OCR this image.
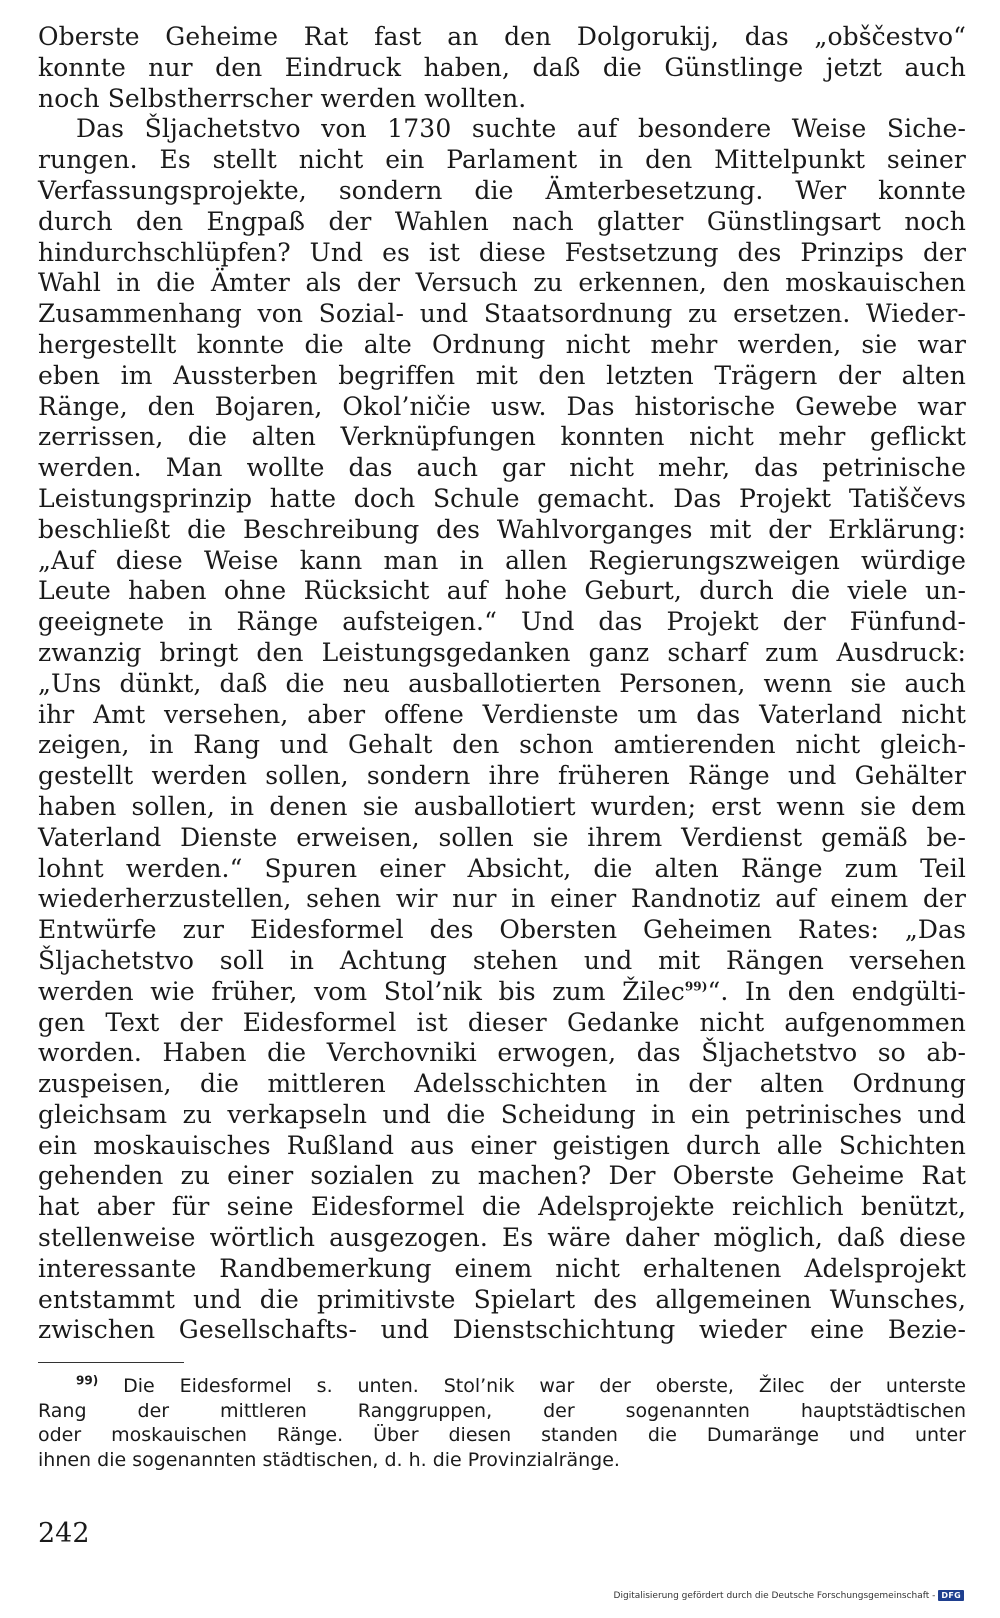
Oberste Geheime Rat fast an den Dolgorukij, das „obščestvo“
konnte nur den Eindruck haben, daß die Günstlinge jetzt auch
noch Selbstherrscher werden wollten.
Das Šljachetstvo von 1730 suchte auf besondere Weise Siche-
rungen. Es stellt nicht ein Parlament in den Mittelpunkt seiner
Verfassungsprojekte, sondern die Ämterbesetzung. Wer konnte
durch den Engpaß der Wahlen nach glatter Günstlingsart noch
hindurchschlüpfen? Und es ist diese Festsetzung des Prinzips der
Wahl in die Ämter als der Versuch zu erkennen, den moskauischen
Zusammenhang von Sozial- und Staatsordnung zu ersetzen. Wieder-
hergestellt konnte die alte Ordnung nicht mehr werden, sie war
eben im Aussterben begriffen mit den letzten Trägern der alten
Ränge, den Bojaren, Okol’ničie usw. Das historische Gewebe war
zerrissen, die alten Verknüpfungen konnten nicht mehr geflickt
werden. Man wollte das auch gar nicht mehr, das petrinische
Leistungsprinzip hatte doch Schule gemacht. Das Projekt Tatiščevs
beschließt die Beschreibung des Wahlvorganges mit der Erklärung:
„Auf diese Weise kann man in allen Regierungszweigen würdige
Leute haben ohne Rücksicht auf hohe Geburt, durch die viele un-
geeignete in Ränge aufsteigen.“ Und das Projekt der Fünfund-
zwanzig bringt den Leistungsgedanken ganz scharf zum Ausdruck:
„Uns dünkt, daß die neu ausballotierten Personen, wenn sie auch
ihr Amt versehen, aber offene Verdienste um das Vaterland nicht
zeigen, in Rang und Gehalt den schon amtierenden nicht gleich-
gestellt werden sollen, sondern ihre früheren Ränge und Gehälter
haben sollen, in denen sie ausballotiert wurden; erst wenn sie dem
Vaterland Dienste erweisen, sollen sie ihrem Verdienst gemäß be-
lohnt werden.“ Spuren einer Absicht, die alten Ränge zum Teil
wiederherzustellen, sehen wir nur in einer Randnotiz auf einem der
Entwürfe zur Eidesformel des Obersten Geheimen Rates: „Das
Šljachetstvo soll in Achtung stehen und mit Rängen versehen
werden wie früher, vom Stol’nik bis zum Žilec$^{99)}$“. In den endgülti-
gen Text der Eidesformel ist dieser Gedanke nicht aufgenommen
worden. Haben die Verchovniki erwogen, das Šljachetstvo so ab-
zuspeisen, die mittleren Adelsschichten in der alten Ordnung
gleichsam zu verkapseln und die Scheidung in ein petrinisches und
ein moskauisches Rußland aus einer geistigen durch alle Schichten
gehenden zu einer sozialen zu machen? Der Oberste Geheime Rat
hat aber für seine Eidesformel die Adelsprojekte reichlich benützt,
stellenweise wörtlich ausgezogen. Es wäre daher möglich, daß diese
interessante Randbemerkung einem nicht erhaltenen Adelsprojekt
entstammt und die primitivste Spielart des allgemeinen Wunsches,
zwischen Gesellschafts- und Dienstschichtung wieder eine Bezie-
$^{99)}$ Die Eidesformel s. unten. Stol’nik war der oberste, Žilec der unterste
Rang der mittleren Ranggruppen, der sogenannten hauptstädtischen
oder moskauischen Ränge. Über diesen standen die Dumaränge und unter
ihnen die sogenannten städtischen, d. h. die Provinzialränge.
242
Digitalisierung gefördert durch die Deutsche Forschungsgemeinschaft - DFG
